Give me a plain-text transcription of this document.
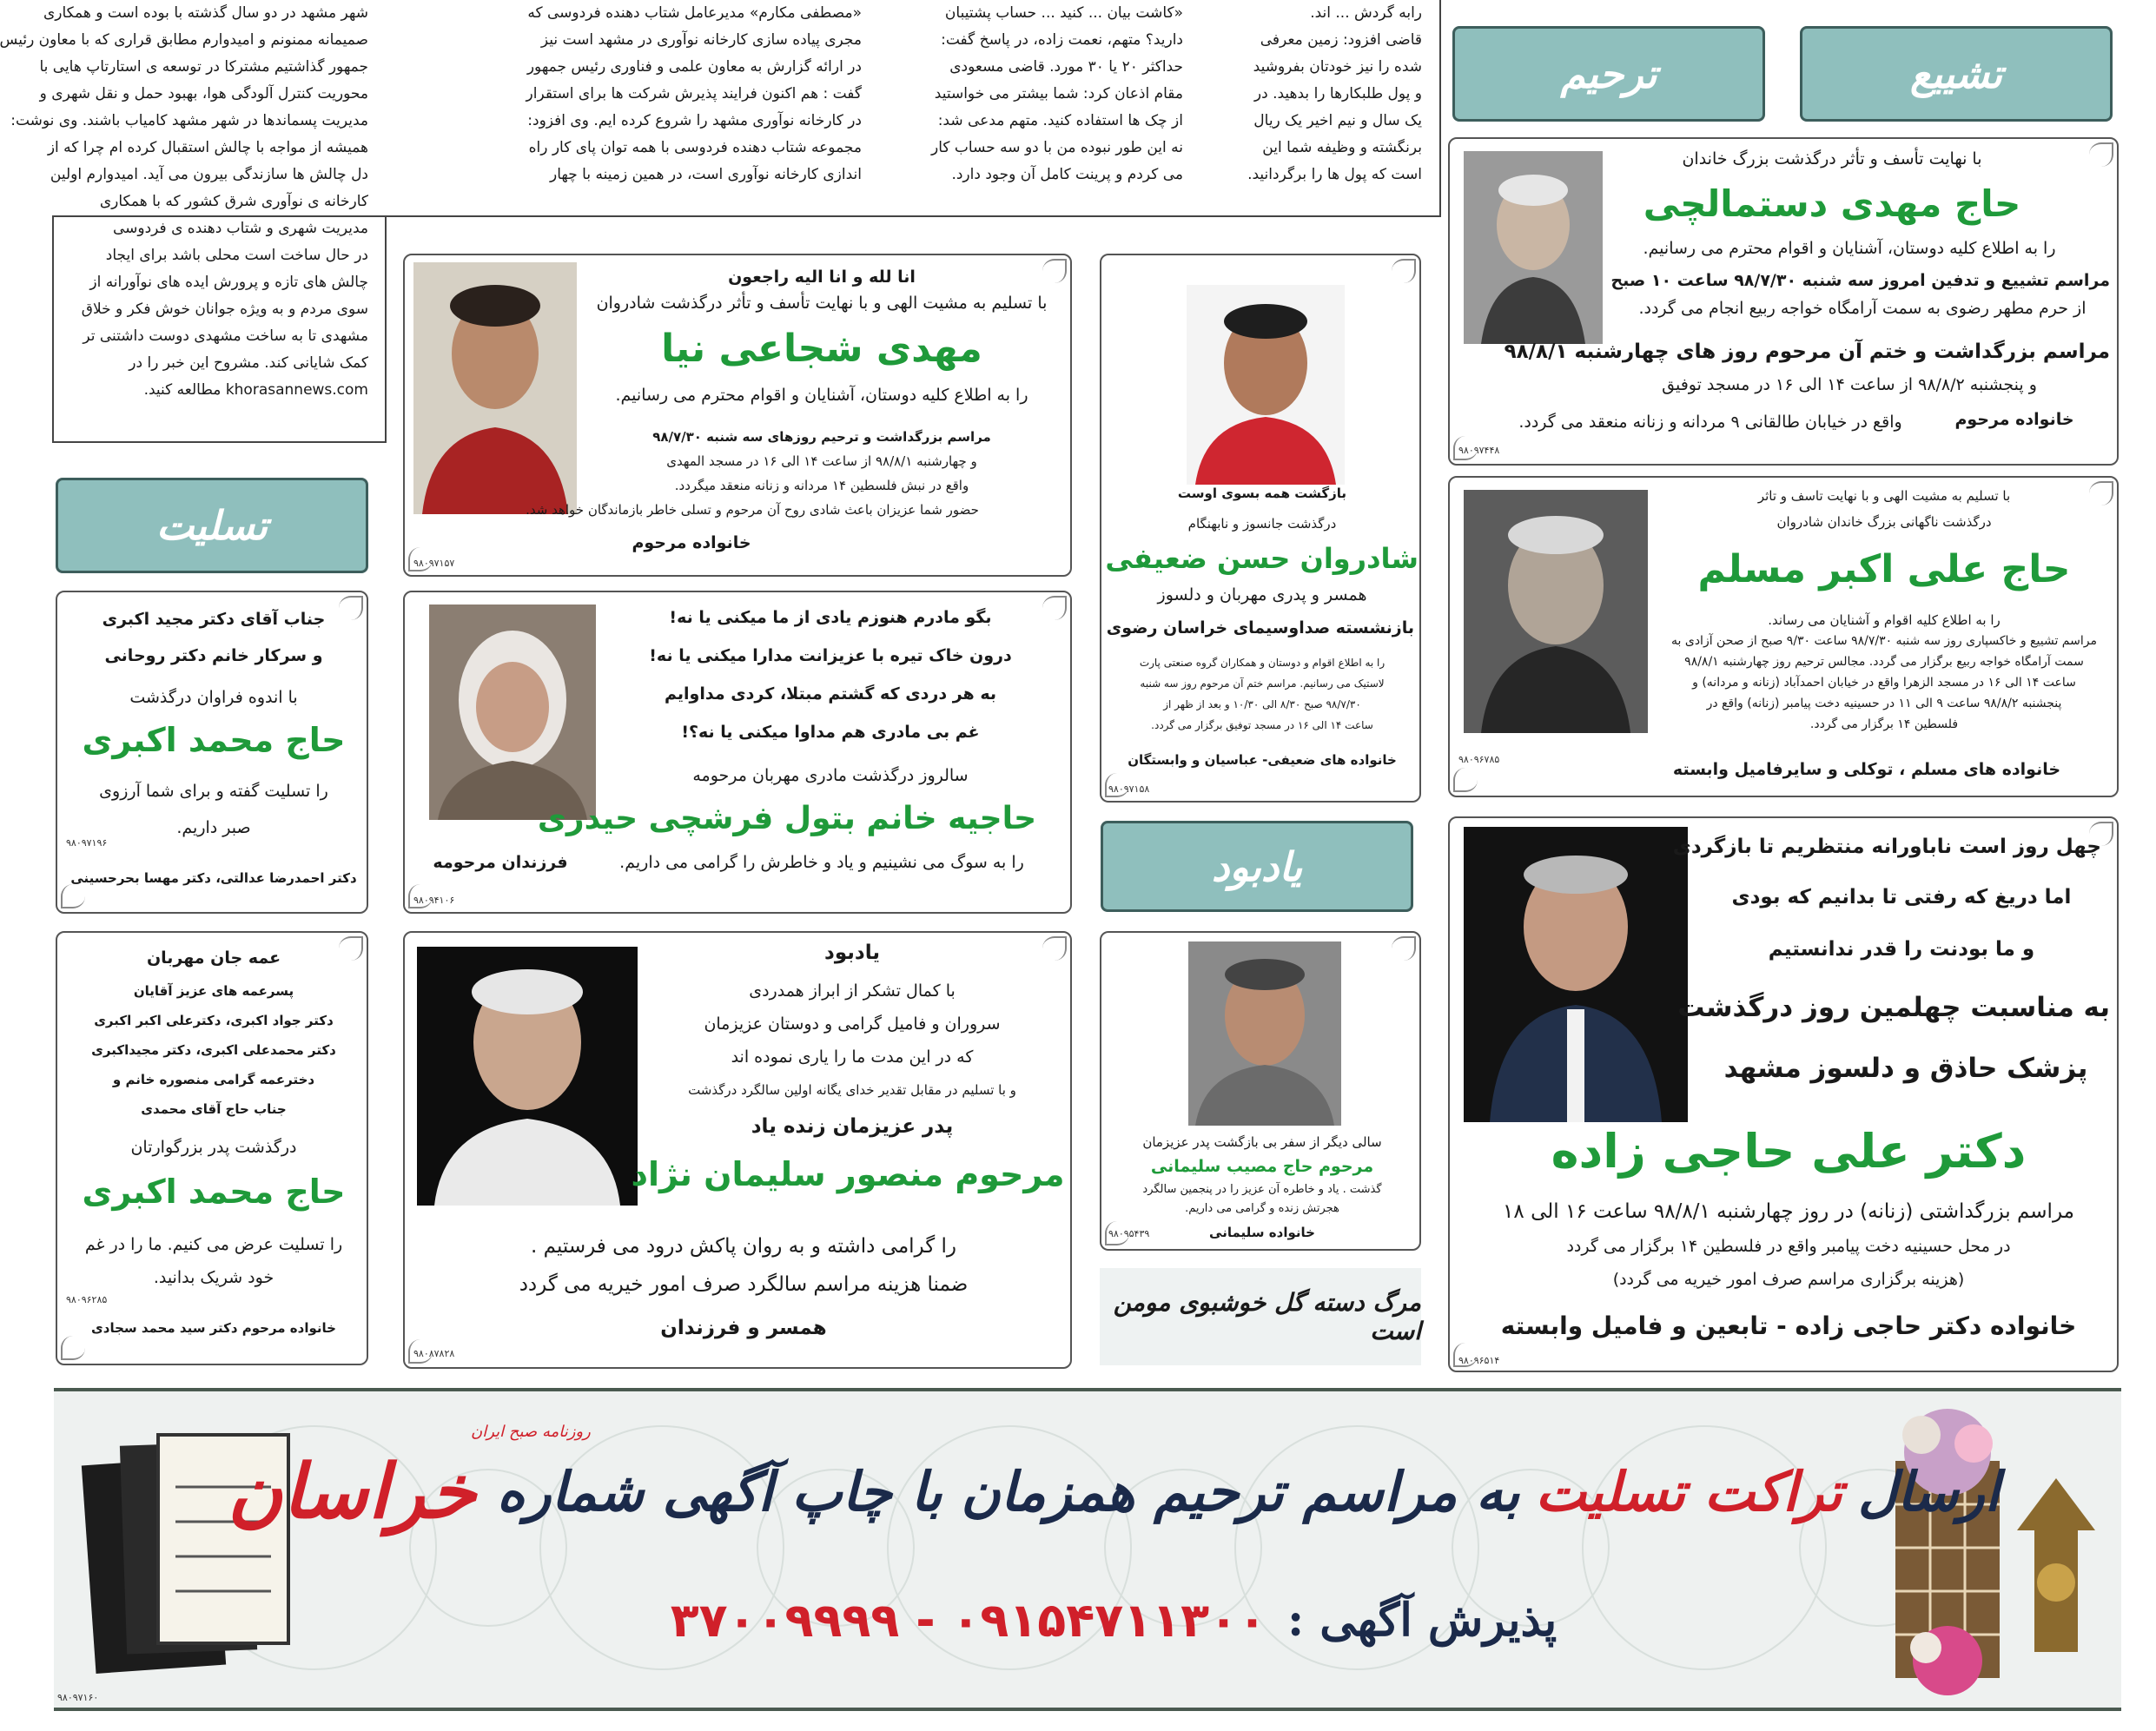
شهر مشهد در دو سال گذشته با بوده است و همکاری
صمیمانه ممنونم و امیدوارم مطابق قراری که با معاون رئیس
جمهور گذاشتیم مشترکا در توسعه ی استارتاپ هایی با
محوریت کنترل آلودگی هوا، بهبود حمل و نقل شهری و
مدیریت پسماندها در شهر مشهد کامیاب باشند. وی نوشت:
همیشه از مواجه با چالش استقبال کرده ام چرا که از
دل چالش ها سازندگی بیرون می آید. امیدوارم اولین
کارخانه ی نوآوری شرق کشور که با همکاری
مدیریت شهری و شتاب دهنده ی فردوسی
در حال ساخت است محلی باشد برای ایجاد
چالش های تازه و پرورش ایده های نوآورانه از
سوی مردم و به ویژه جوانان خوش فکر و خلاق
مشهدی تا به ساخت مشهدی دوست داشتنی تر
کمک شایانی کند. مشروح این خبر را در
khorasannews.com مطالعه کنید.
«مصطفی مکارم» مدیرعامل شتاب دهنده فردوسی که
مجری پیاده سازی کارخانه نوآوری در مشهد است نیز
در ارائه گزارش به معاون علمی و فناوری رئیس جمهور
گفت : هم اکنون فرایند پذیرش شرکت ها برای استقرار
در کارخانه نوآوری مشهد را شروع کرده ایم. وی افزود:
مجموعه شتاب دهنده فردوسی با همه توان پای کار راه
اندازی کارخانه نوآوری است، در همین زمینه با چهار
«کاشت بیان ... کنید ... حساب پشتیبان
دارید؟ متهم، نعمت زاده، در پاسخ گفت:
حداکثر ۲۰ یا ۳۰ مورد. قاضی مسعودی
مقام اذعان کرد: شما بیشتر می خواستید
از چک ها استفاده کنید. متهم مدعی شد:
نه این طور نبوده من با دو سه حساب کار
می کردم و پرینت کامل آن وجود دارد.
رابه گردش ... اند.
قاضی افزود: زمین معرفی
شده را نیز خودتان بفروشید
و پول طلبکارها را بدهید. در
یک سال و نیم اخیر یک ریال
برنگشته و وظیفه شما این
است که پول ها را برگردانید.
تشییع
ترحیم
تسلیت
یادبود
با نهایت تأسف و تأثر درگذشت بزرگ خاندان
حاج مهدی دستمالچی
را به اطلاع کلیه دوستان، آشنایان و اقوام محترم می رسانیم.
مراسم تشییع و تدفین امروز سه شنبه ۹۸/۷/۳۰ ساعت ۱۰ صبح
از حرم مطهر رضوی به سمت آرامگاه خواجه ربیع انجام می گردد.
مراسم بزرگداشت و ختم آن مرحوم روز های چهارشنبه ۹۸/۸/۱
و پنجشنبه ۹۸/۸/۲ از ساعت ۱۴ الی ۱۶ در مسجد توفیق
واقع در خیابان طالقانی ۹ مردانه و زنانه منعقد می گردد.	خانواده مرحوم
۹۸۰۹۷۴۴۸
با تسلیم به مشیت الهی و با نهایت تاسف و تاثر
درگذشت ناگهانی بزرگ خاندان شادروان
حاج علی اکبر مسلم
را به اطلاع کلیه اقوام و آشنایان می رساند.
مراسم تشییع و خاکسپاری روز سه شنبه ۹۸/۷/۳۰ ساعت ۹/۳۰ صبح از صحن آزادی به
سمت آرامگاه خواجه ربیع برگزار می گردد. مجالس ترحیم روز چهارشنبه ۹۸/۸/۱
ساعت ۱۴ الی ۱۶ در مسجد الزهرا واقع در خیابان احمدآباد (زنانه و مردانه) و
پنجشنبه ۹۸/۸/۲ ساعت ۹ الی ۱۱ در حسینیه دخت پیامبر (زنانه) واقع در
فلسطین ۱۴ برگزار می گردد.
خانواده های مسلم ، توکلی و سایرفامیل وابسته
۹۸۰۹۶۷۸۵
چهل روز است ناباورانه منتظریم تا بازگردی
اما دریغ که رفتی تا بدانیم که بودی
و ما بودنت را قدر ندانستیم
به مناسبت چهلمین روز درگذشت
پزشک حاذق و دلسوز مشهد
دکتر علی حاجی زاده
مراسم بزرگداشتی (زنانه) در روز چهارشنبه ۹۸/۸/۱ ساعت ۱۶ الی ۱۸
در محل حسینیه دخت پیامبر واقع در فلسطین ۱۴ برگزار می گردد
(هزینه برگزاری مراسم صرف امور خیریه می گردد)
خانواده دکتر حاجی زاده - تابعین و فامیل وابسته
۹۸۰۹۶۵۱۴
انا لله و انا الیه راجعون
با تسلیم به مشیت الهی و با نهایت تأسف و تأثر درگذشت شادروان
مهدی شجاعی نیا
را به اطلاع کلیه دوستان، آشنایان و اقوام محترم می رسانیم.
مراسم بزرگداشت و ترحیم روزهای سه شنبه ۹۸/۷/۳۰
و چهارشنبه ۹۸/۸/۱ از ساعت ۱۴ الی ۱۶ در مسجد المهدی
واقع در نبش فلسطین ۱۴ مردانه و زنانه منعقد میگردد.
حضور شما عزیزان باعث شادی روح آن مرحوم و تسلی خاطر بازماندگان خواهد شد.
خانواده مرحوم
۹۸۰۹۷۱۵۷
بازگشت همه بسوی اوست
درگذشت جانسوز و نابهنگام
شادروان حسن ضعیفی
همسر و پدری مهربان و دلسوز
بازنشسته صداوسیمای خراسان رضوی
را به اطلاع اقوام و دوستان و همکاران گروه صنعتی پارت
لاستیک می رسانیم. مراسم ختم آن مرحوم روز سه شنبه
۹۸/۷/۳۰ صبح ۸/۳۰ الی ۱۰/۳۰ و بعد از ظهر از
ساعت ۱۴ الی ۱۶ در مسجد توفیق برگزار می گردد.
خانواده های ضعیفی- عباسیان و وابستگان
۹۸۰۹۷۱۵۸
بگو مادرم هنوزم یادی از ما میکنی یا نه!
درون خاک تیره با عزیزانت مدارا میکنی یا نه!
به هر دردی که گشتم مبتلا، کردی مداوایم
غم بی مادری هم مداوا میکنی یا نه؟!
سالروز درگذشت مادری مهربان مرحومه
حاجیه خانم بتول فرشچی حیدری
را به سوگ می نشینیم و یاد و خاطرش را گرامی می داریم.
فرزندان مرحومه
۹۸۰۹۴۱۰۶
جناب آقای دکتر مجید اکبری
و سرکار خانم دکتر روحانی
با اندوه فراوان درگذشت
حاج محمد اکبری
را تسلیت گفته و برای شما آرزوی
صبر داریم.
دکتر احمدرضا عدالتی، دکتر مهسا بحرحسینی
۹۸۰۹۷۱۹۶
عمه جان مهربان
پسرعمه های عزیز آقایان
دکتر جواد اکبری، دکترعلی اکبر اکبری
دکتر محمدعلی اکبری، دکتر مجیداکبری
دخترعمه گرامی منصوره خانم و
جناب حاج آقای محمدی
درگذشت پدر بزرگوارتان
حاج محمد اکبری
را تسلیت عرض می کنیم. ما را در غم
خود شریک بدانید.
خانواده مرحوم دکتر سید محمد سجادی
۹۸۰۹۶۲۸۵
یادبود
با کمال تشکر از ابراز همدردی
سروران و فامیل گرامی و دوستان عزیزمان
که در این مدت ما را یاری نموده اند
و با تسلیم در مقابل تقدیر خدای یگانه اولین سالگرد درگذشت
پدر عزیزمان زنده یاد
مرحوم منصور سلیمان نژاد
را گرامی داشته و به روان پاکش درود می فرستیم .
ضمنا هزینه مراسم سالگرد صرف امور خیریه می گردد
همسر و فرزندان
۹۸۰۸۷۸۲۸
سالی دیگر از سفر بی بازگشت پدر عزیزمان
مرحوم حاج مصیب سلیمانی
گذشت . یاد و خاطره آن عزیز را در پنجمین سالگرد
هجرتش زنده و گرامی می داریم.
خانواده سلیمانی
۹۸۰۹۵۴۳۹
مرگ دسته گل خوشبوی مومن است
ارسال
تراکت تسلیت
به مراسم ترحیم همزمان با چاپ آگهی شماره
خراسان
روزنامه صبح ایران
پذیرش آگهی :
۳۷۰۰۹۹۹۹ - ۰۹۱۵۴۷۱۱۳۰۰
۹۸۰۹۷۱۶۰
